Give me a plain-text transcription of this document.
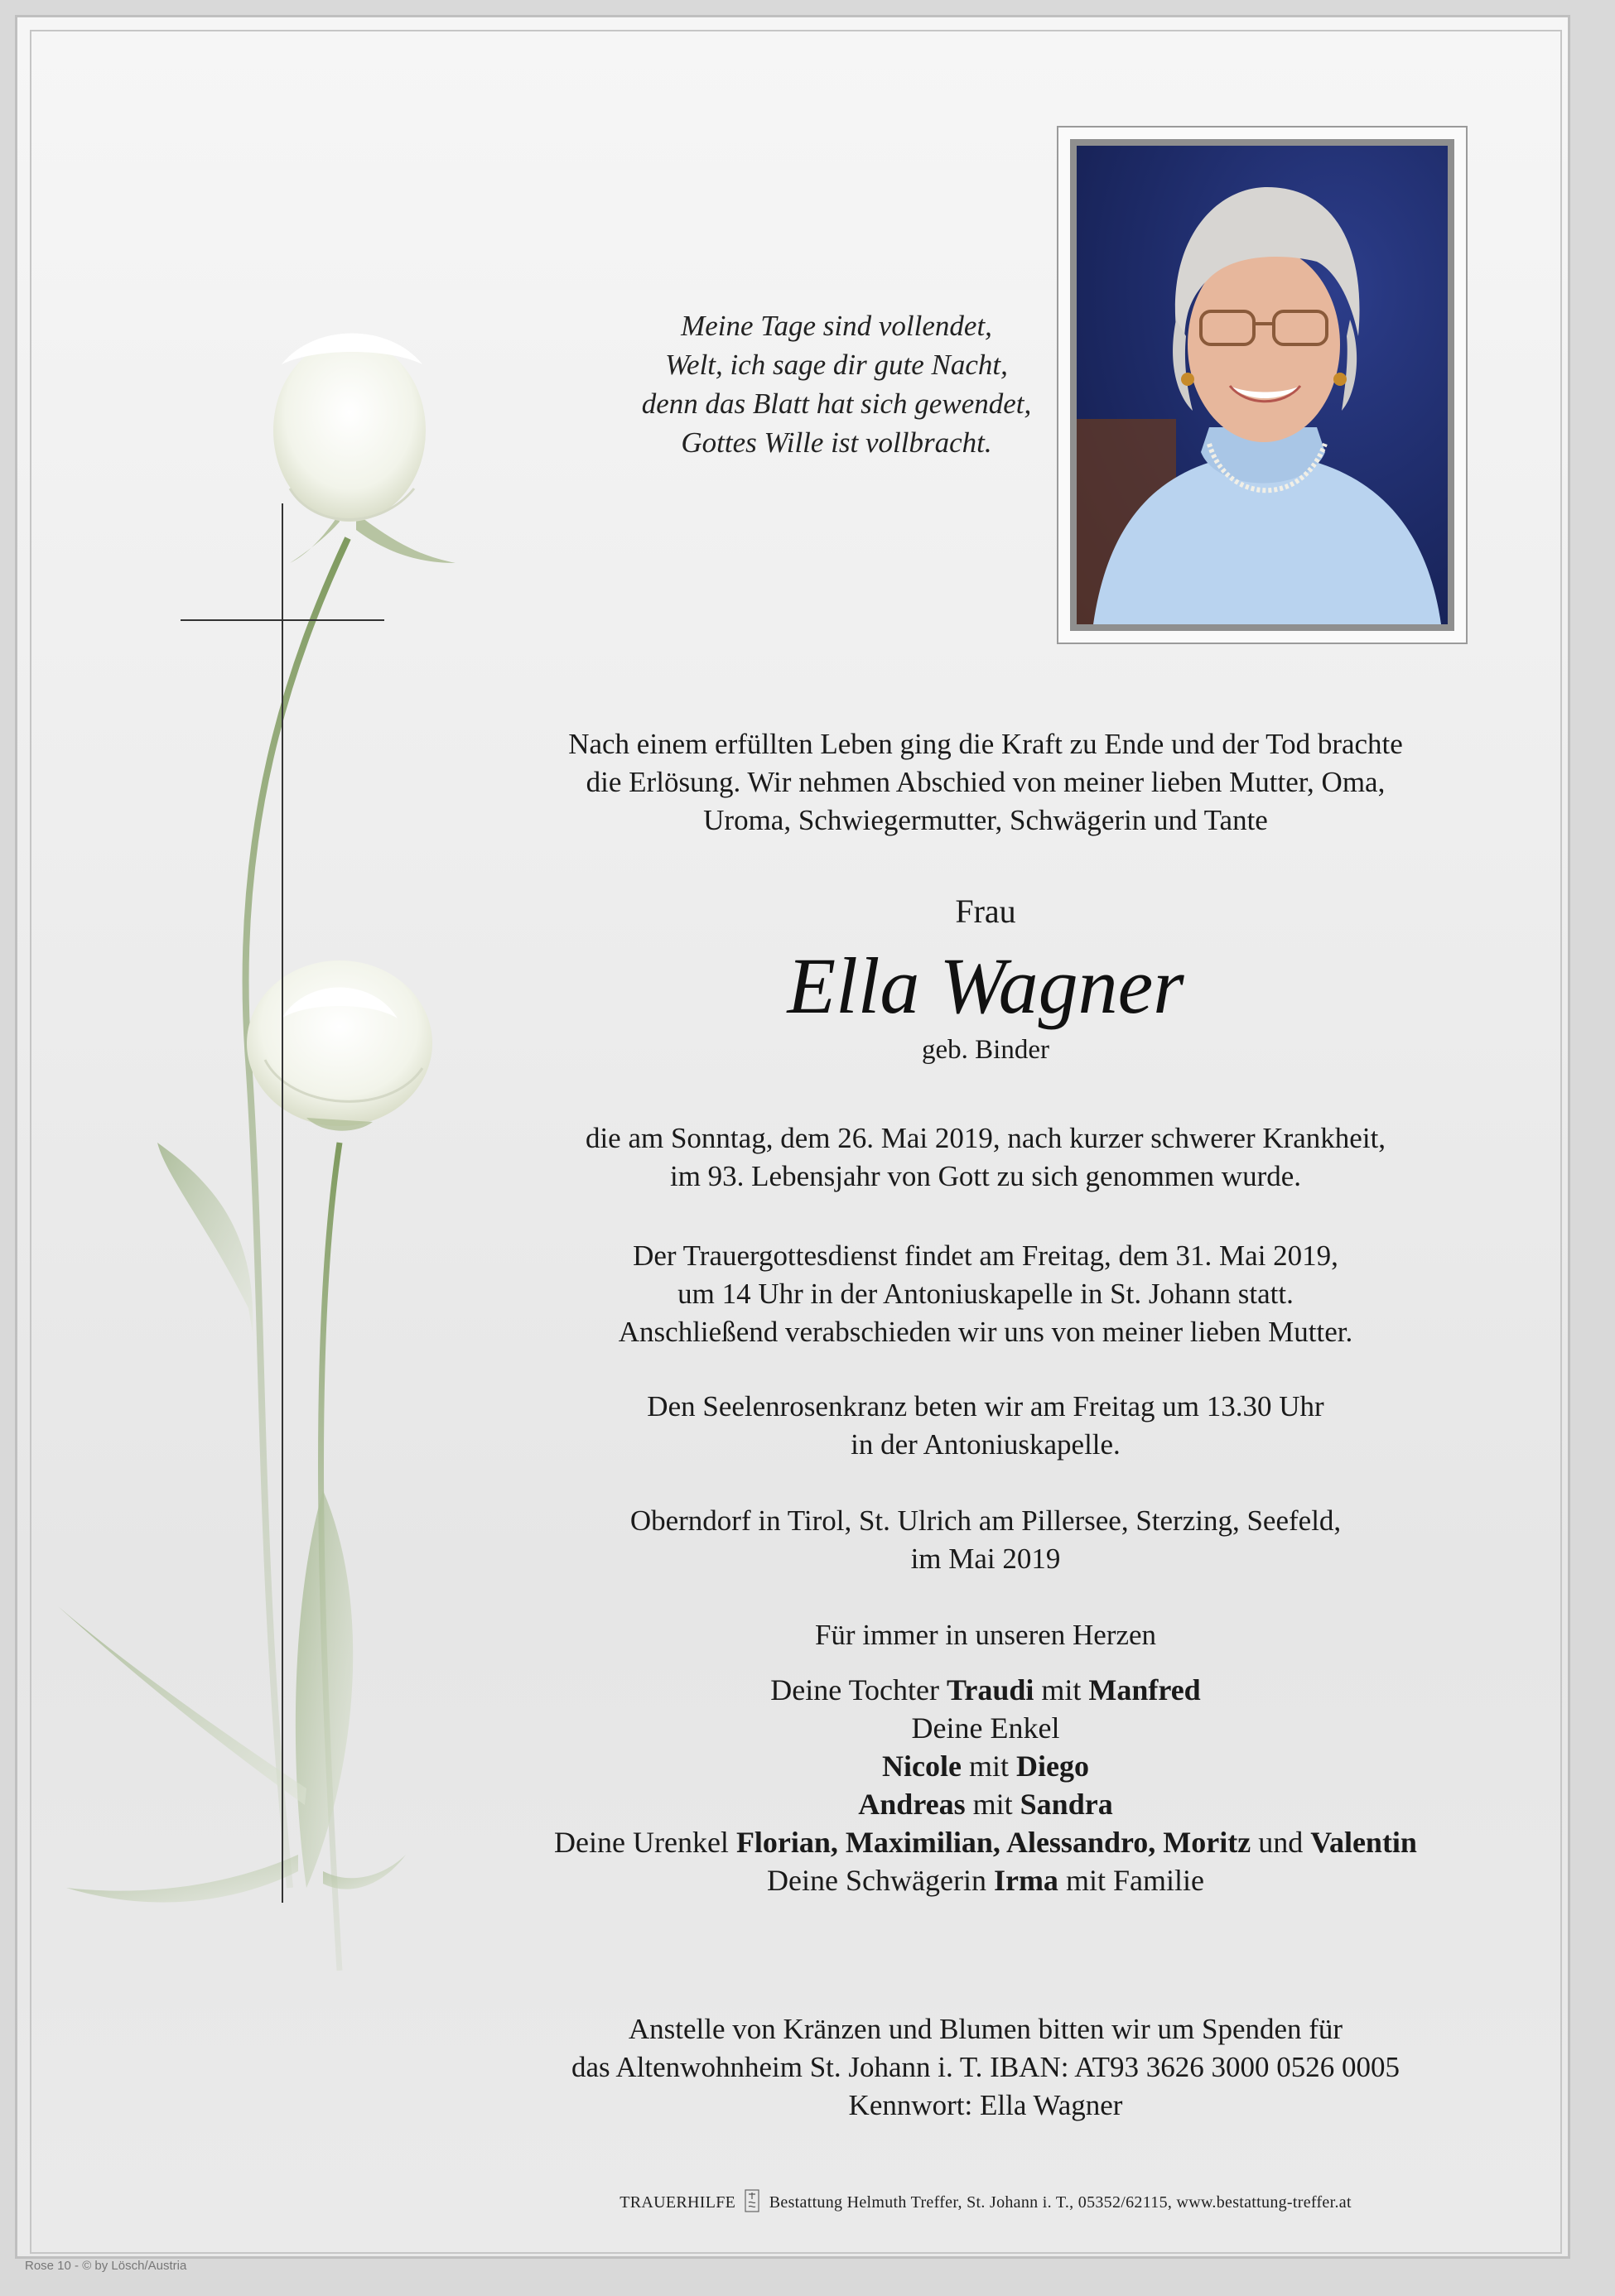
Meine Tage sind vollendet,
Welt, ich sage dir gute Nacht,
denn das Blatt hat sich gewendet,
Gottes Wille ist vollbracht.
Nach einem erfüllten Leben ging die Kraft zu Ende und der Tod brachte
die Erlösung. Wir nehmen Abschied von meiner lieben Mutter, Oma,
Uroma, Schwiegermutter, Schwägerin und Tante
Frau
Ella Wagner
geb. Binder
die am Sonntag, dem 26. Mai 2019, nach kurzer schwerer Krankheit,
im 93. Lebensjahr von Gott zu sich genommen wurde.
Der Trauergottesdienst findet am Freitag, dem 31. Mai 2019,
um 14 Uhr in der Antoniuskapelle in St. Johann statt.
Anschließend verabschieden wir uns von meiner lieben Mutter.
Den Seelenrosenkranz beten wir am Freitag um 13.30 Uhr
in der Antoniuskapelle.
Oberndorf in Tirol, St. Ulrich am Pillersee, Sterzing, Seefeld,
im Mai 2019
Für immer in unseren Herzen
Deine Tochter Traudi mit Manfred
Deine Enkel
Nicole mit Diego
Andreas mit Sandra
Deine Urenkel Florian, Maximilian, Alessandro, Moritz und Valentin
Deine Schwägerin Irma mit Familie
Anstelle von Kränzen und Blumen bitten wir um Spenden für
das Altenwohnheim St. Johann i. T. IBAN: AT93 3626 3000 0526 0005
Kennwort: Ella Wagner
TRAUERHILFE Bestattung Helmuth Treffer, St. Johann i. T., 05352/62115, www.bestattung-treffer.at
Rose 10 - © by Lösch/Austria
